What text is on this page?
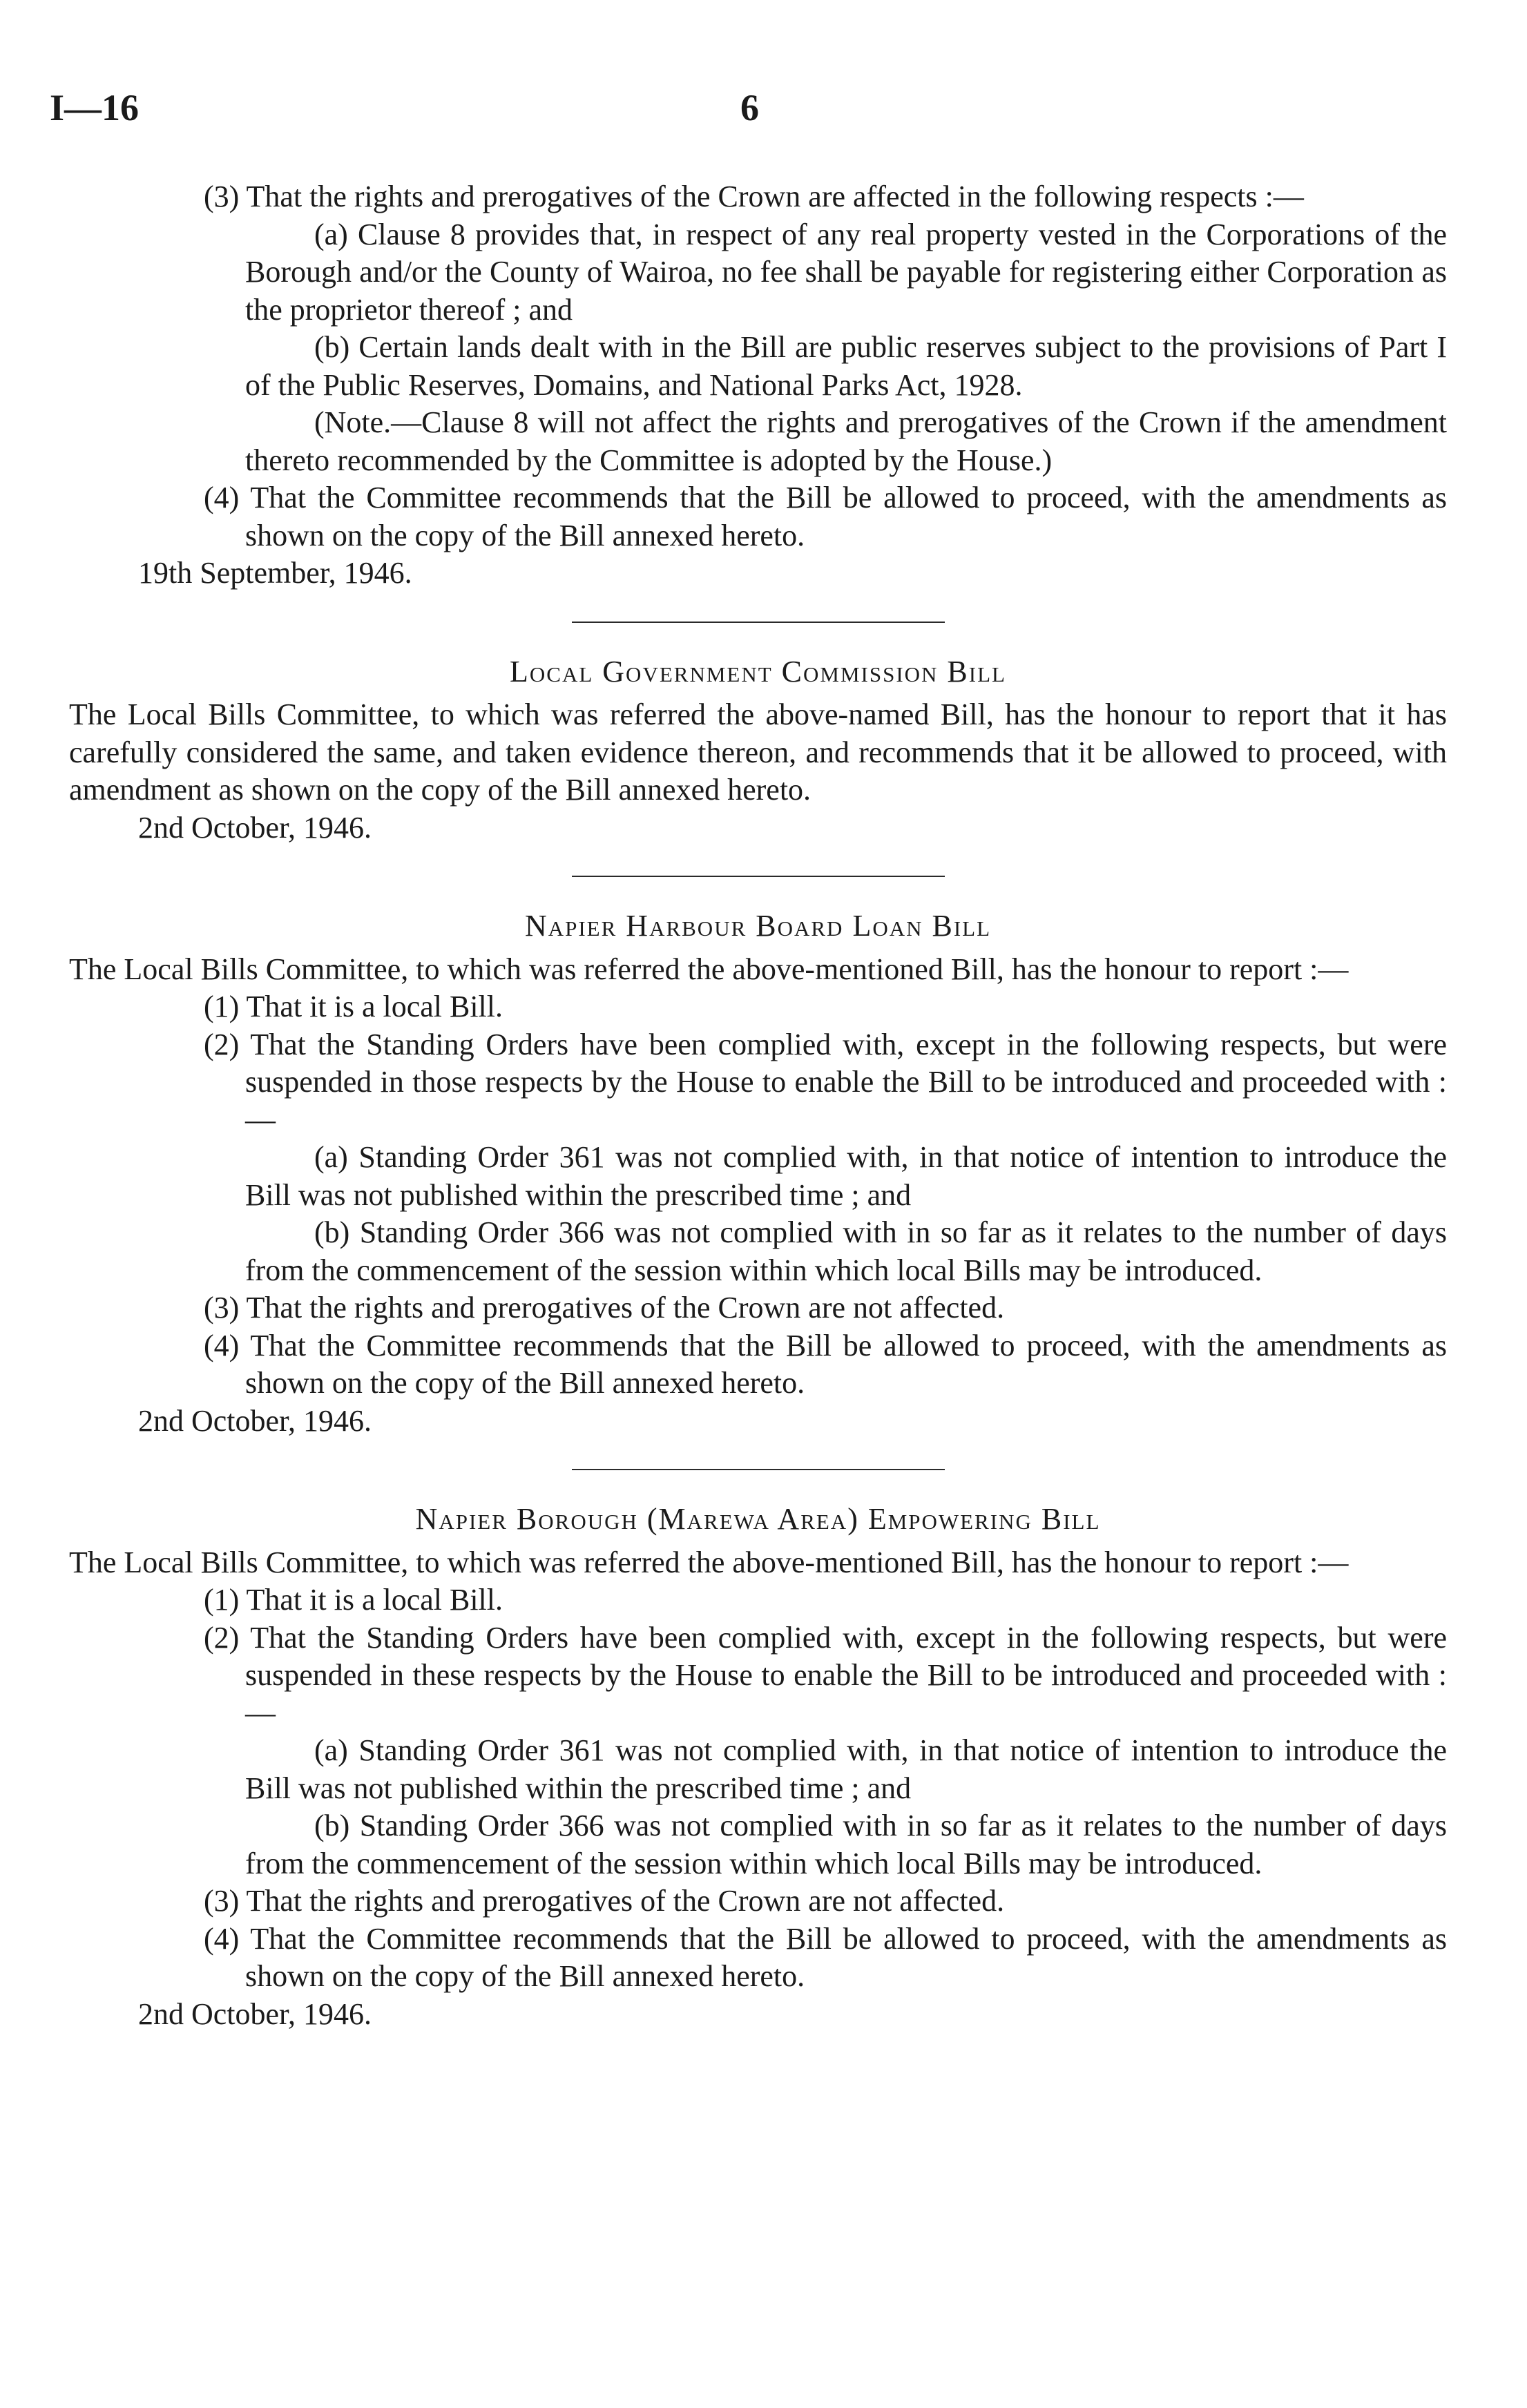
I—16	6

(3) That the rights and prerogatives of the Crown are affected in the following respects :—

(a) Clause 8 provides that, in respect of any real property vested in the Corporations of the Borough and/or the County of Wairoa, no fee shall be payable for registering either Corporation as the proprietor thereof ; and

(b) Certain lands dealt with in the Bill are public reserves subject to the provisions of Part I of the Public Reserves, Domains, and National Parks Act, 1928.

(Note.—Clause 8 will not affect the rights and prerogatives of the Crown if the amendment thereto recommended by the Committee is adopted by the House.)

(4) That the Committee recommends that the Bill be allowed to proceed, with the amendments as shown on the copy of the Bill annexed hereto.

19th September, 1946.

Local Government Commission Bill

The Local Bills Committee, to which was referred the above-named Bill, has the honour to report that it has carefully considered the same, and taken evidence thereon, and recommends that it be allowed to proceed, with amendment as shown on the copy of the Bill annexed hereto.

2nd October, 1946.

Napier Harbour Board Loan Bill

The Local Bills Committee, to which was referred the above-mentioned Bill, has the honour to report :—

(1) That it is a local Bill.

(2) That the Standing Orders have been complied with, except in the following respects, but were suspended in those respects by the House to enable the Bill to be introduced and proceeded with :—

(a) Standing Order 361 was not complied with, in that notice of intention to introduce the Bill was not published within the prescribed time ; and

(b) Standing Order 366 was not complied with in so far as it relates to the number of days from the commencement of the session within which local Bills may be introduced.

(3) That the rights and prerogatives of the Crown are not affected.

(4) That the Committee recommends that the Bill be allowed to proceed, with the amendments as shown on the copy of the Bill annexed hereto.

2nd October, 1946.

Napier Borough (Marewa Area) Empowering Bill

The Local Bills Committee, to which was referred the above-mentioned Bill, has the honour to report :—

(1) That it is a local Bill.

(2) That the Standing Orders have been complied with, except in the following respects, but were suspended in these respects by the House to enable the Bill to be introduced and proceeded with :—

(a) Standing Order 361 was not complied with, in that notice of intention to introduce the Bill was not published within the prescribed time ; and

(b) Standing Order 366 was not complied with in so far as it relates to the number of days from the commencement of the session within which local Bills may be introduced.

(3) That the rights and prerogatives of the Crown are not affected.

(4) That the Committee recommends that the Bill be allowed to proceed, with the amendments as shown on the copy of the Bill annexed hereto.

2nd October, 1946.
